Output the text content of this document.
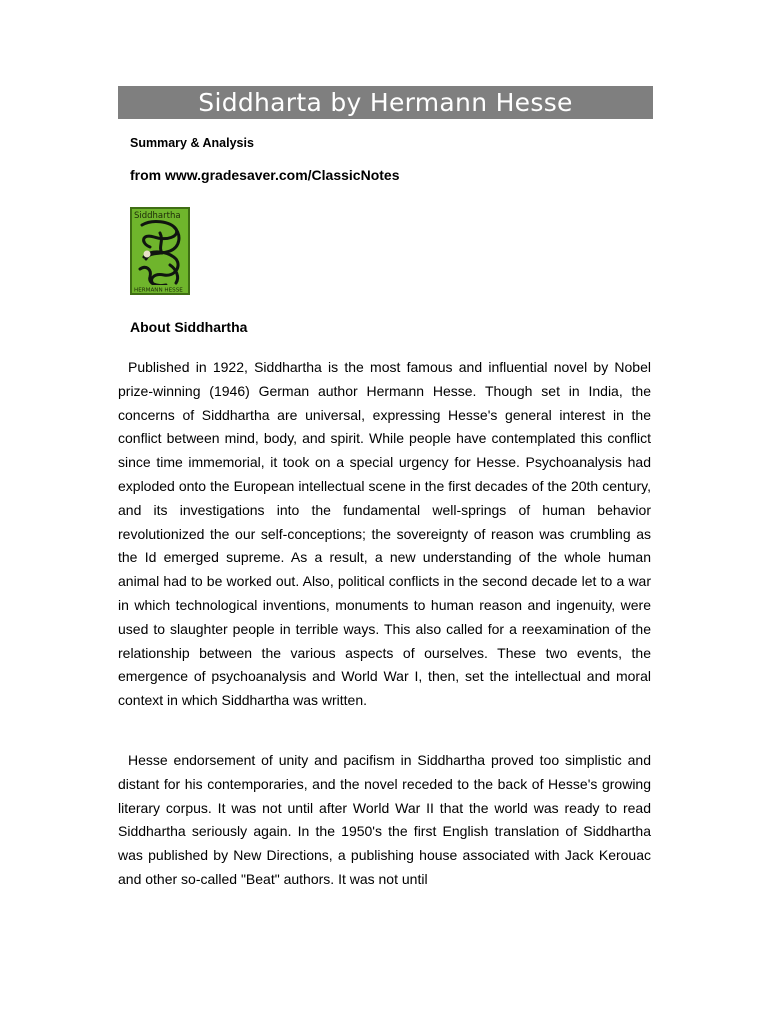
Siddharta by Hermann Hesse
Summary & Analysis
from www.gradesaver.com/ClassicNotes
Siddhartha
HERMANN HESSE
About Siddhartha

Published in 1922, Siddhartha is the most famous and influential novel by Nobel prize-winning (1946) German author Hermann Hesse. Though set in India, the concerns of Siddhartha are universal, expressing Hesse's general interest in the conflict between mind, body, and spirit. While people have contemplated this conflict since time immemorial, it took on a special urgency for Hesse. Psychoanalysis had exploded onto the European intellectual scene in the first decades of the 20th century, and its investigations into the fundamental well-springs of human behavior revolutionized the our self-conceptions; the sovereignty of reason was crumbling as the Id emerged supreme. As a result, a new understanding of the whole human animal had to be worked out. Also, political conflicts in the second decade let to a war in which technological inventions, monuments to human reason and ingenuity, were used to slaughter people in terrible ways. This also called for a reexamination of the relationship between the various aspects of ourselves. These two events, the emergence of psychoanalysis and World War I, then, set the intellectual and moral context in which Siddhartha was written.

Hesse endorsement of unity and pacifism in Siddhartha proved too simplistic and distant for his contemporaries, and the novel receded to the back of Hesse's growing literary corpus. It was not until after World War II that the world was ready to read Siddhartha seriously again. In the 1950's the first English translation of Siddhartha was published by New Directions, a publishing house associated with Jack Kerouac and other so-called "Beat" authors. It was not until
